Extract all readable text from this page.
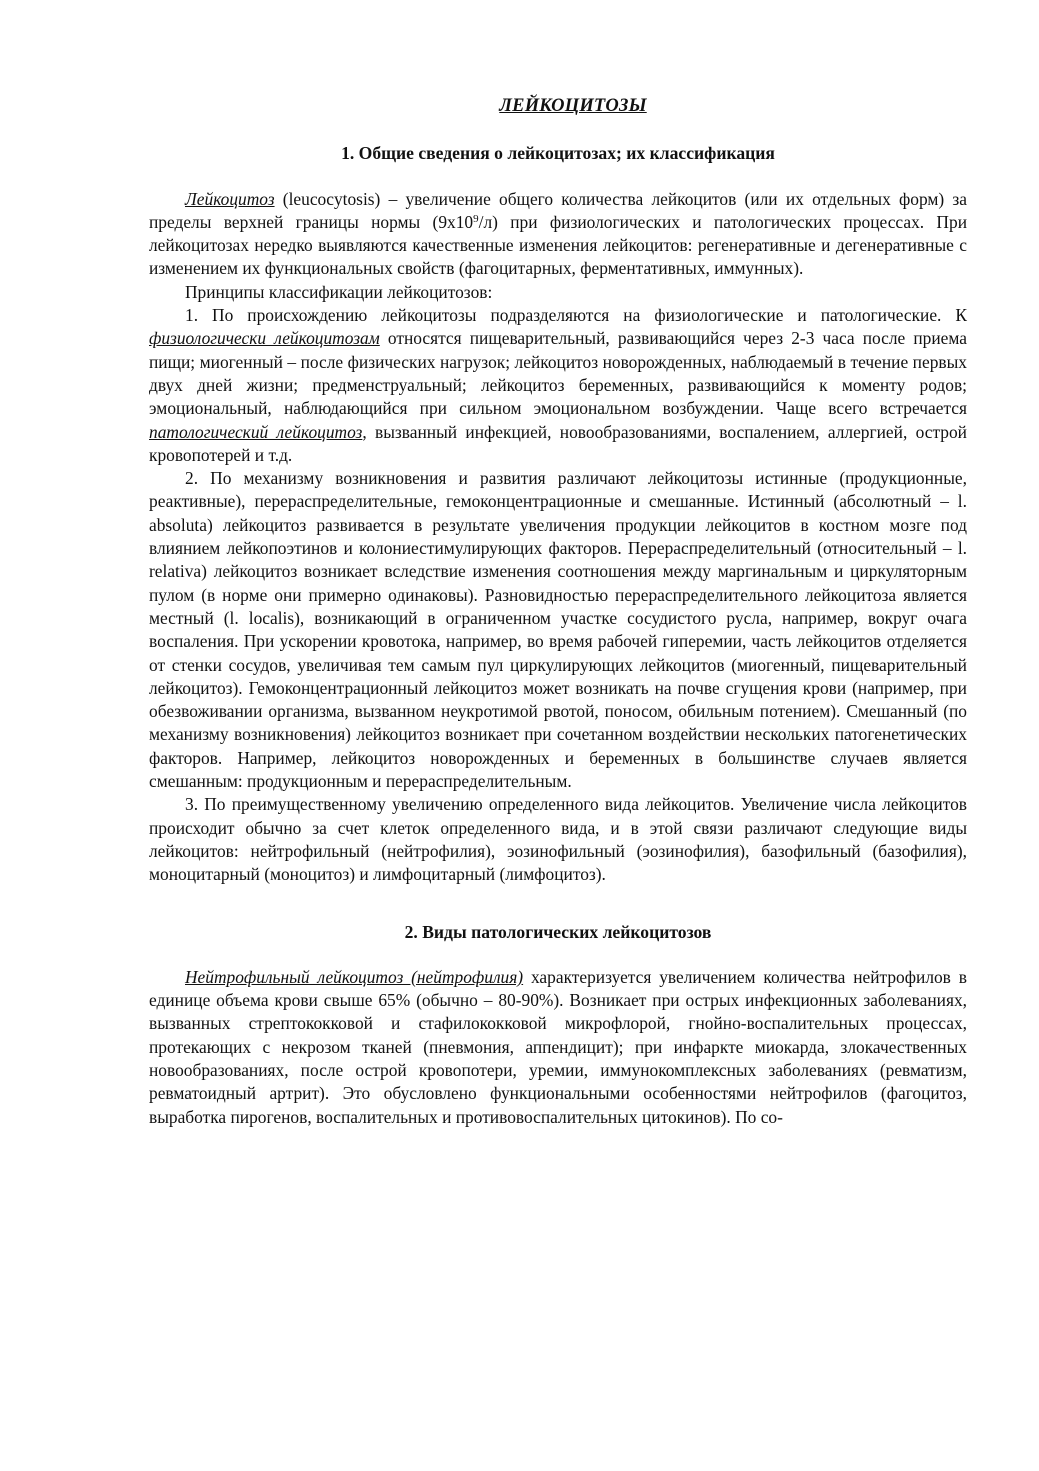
ЛЕЙКОЦИТОЗЫ
1. Общие сведения о лейкоцитозах; их классификация

Лейкоцитоз (leucocytosis) – увеличение общего количества лейкоцитов (или их отдельных форм) за пределы верхней границы нормы $(9х10^9/л)$ при физиологических и патологических процессах. При лейкоцитозах нередко выявляются качественные изменения лейкоцитов: регенеративные и дегенеративные с изменением их функциональных свойств (фагоцитарных, ферментативных, иммунных).

Принципы классификации лейкоцитозов:

1. По происхождению лейкоцитозы подразделяются на физиологические и патологические. К физиологически лейкоцитозам относятся пищеварительный, развивающийся через 2-3 часа после приема пищи; миогенный – после физических нагрузок; лейкоцитоз новорожденных, наблюдаемый в течение первых двух дней жизни; предменструальный; лейкоцитоз беременных, развивающийся к моменту родов; эмоциональный, наблюдающийся при сильном эмоциональном возбуждении. Чаще всего встречается патологический лейкоцитоз, вызванный инфекцией, новообразованиями, воспалением, аллергией, острой кровопотерей и т.д.

2. По механизму возникновения и развития различают лейкоцитозы истинные (продукционные, реактивные), перераспределительные, гемоконцентрационные и смешанные. Истинный (абсолютный – l. absoluta) лейкоцитоз развивается в результате увеличения продукции лейкоцитов в костном мозге под влиянием лейкопоэтинов и колониестимулирующих факторов. Перераспределительный (относительный – l. relativa) лейкоцитоз возникает вследствие изменения соотношения между маргинальным и циркуляторным пулом (в норме они примерно одинаковы). Разновидностью перераспределительного лейкоцитоза является местный (l. localis), возникающий в ограниченном участке сосудистого русла, например, вокруг очага воспаления. При ускорении кровотока, например, во время рабочей гиперемии, часть лейкоцитов отделяется от стенки сосудов, увеличивая тем самым пул циркулирующих лейкоцитов (миогенный, пищеварительный лейкоцитоз). Гемоконцентрационный лейкоцитоз может возникать на почве сгущения крови (например, при обезвоживании организма, вызванном неукротимой рвотой, поносом, обильным потением). Смешанный (по механизму возникновения) лейкоцитоз возникает при сочетанном воздействии нескольких патогенетических факторов. Например, лейкоцитоз новорожденных и беременных в большинстве случаев является смешанным: продукционным и перераспределительным.

3. По преимущественному увеличению определенного вида лейкоцитов. Увеличение числа лейкоцитов происходит обычно за счет клеток определенного вида, и в этой связи различают следующие виды лейкоцитов: нейтрофильный (нейтрофилия), эозинофильный (эозинофилия), базофильный (базофилия), моноцитарный (моноцитоз) и лимфоцитарный (лимфоцитоз).

2. Виды патологических лейкоцитозов

Нейтрофильный лейкоцитоз (нейтрофилия) характеризуется увеличением количества нейтрофилов в единице объема крови свыше 65% (обычно – 80-90%). Возникает при острых инфекционных заболеваниях, вызванных стрептококковой и стафилококковой микрофлорой, гнойно-воспалительных процессах, протекающих с некрозом тканей (пневмония, аппендицит); при инфаркте миокарда, злокачественных новообразованиях, после острой кровопотери, уремии, иммунокомплексных заболеваниях (ревматизм, ревматоидный артрит). Это обусловлено функциональными особенностями нейтрофилов (фагоцитоз, выработка пирогенов, воспалительных и противовоспалительных цитокинов). По со-
